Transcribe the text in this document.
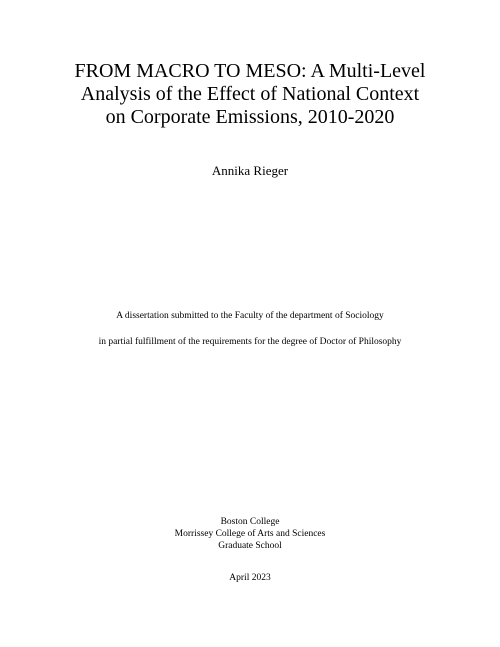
FROM MACRO TO MESO: A Multi-Level
Analysis of the Effect of National Context
on Corporate Emissions, 2010-2020
Annika Rieger
A dissertation submitted to the Faculty of the department of Sociology
in partial fulfillment of the requirements for the degree of Doctor of Philosophy
Boston College
Morrissey College of Arts and Sciences
Graduate School
April 2023
